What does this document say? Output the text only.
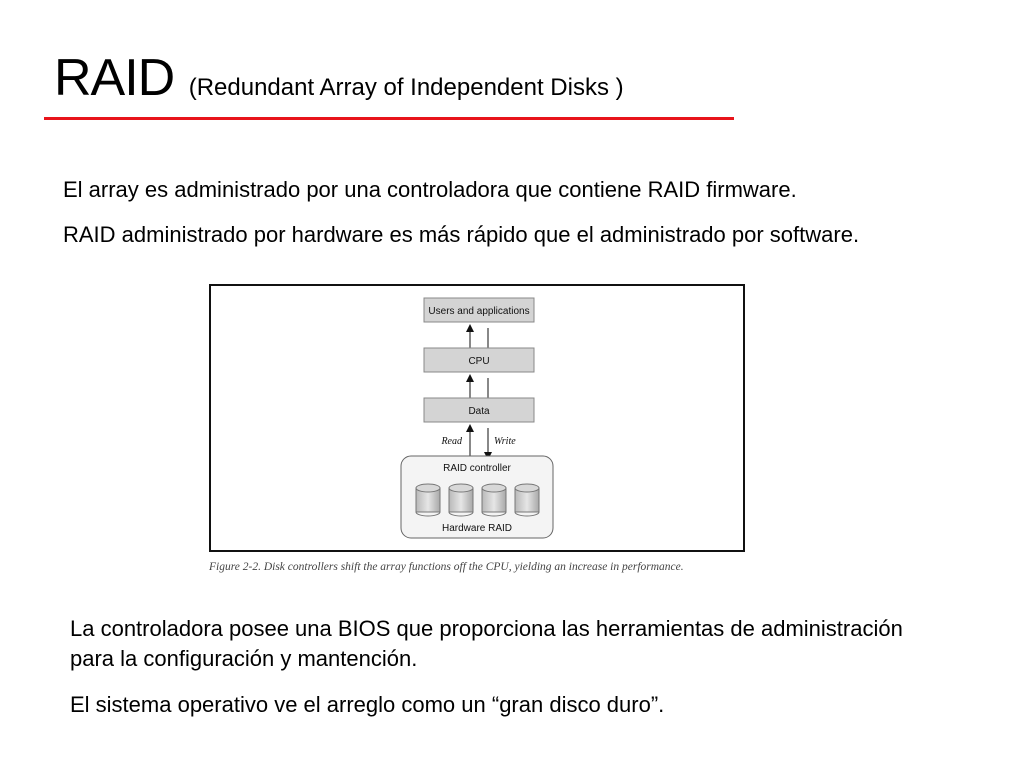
RAID (Redundant Array of Independent Disks )

El array es administrado por una controladora que contiene RAID firmware.

RAID administrado por hardware es más rápido que el administrado por software.

Users and applications
CPU
Data
Read	Write
RAID controller
Hardware RAID
Figure 2-2. Disk controllers shift the array functions off the CPU, yielding an increase in performance.

La controladora posee una BIOS que proporciona las herramientas de administración para la configuración y mantención.

El sistema operativo ve el arreglo como un “gran disco duro”.
